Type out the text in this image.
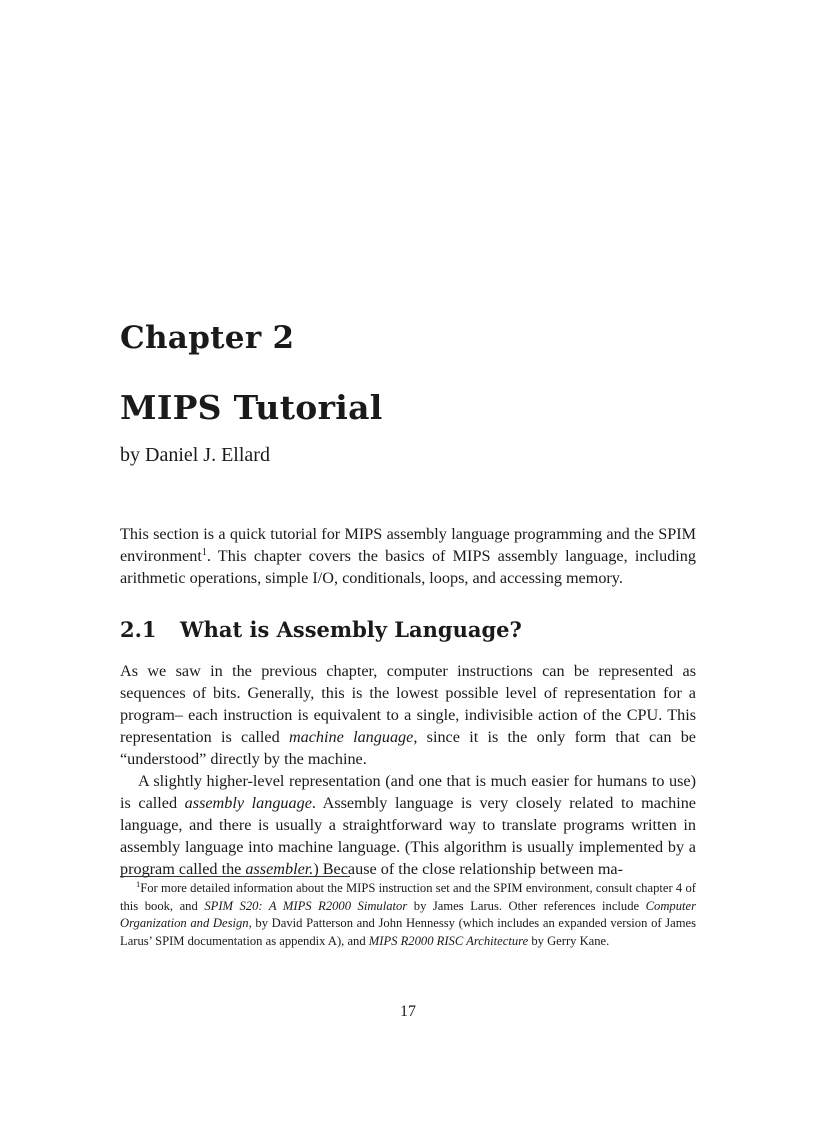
Chapter 2
MIPS Tutorial

by Daniel J. Ellard

This section is a quick tutorial for MIPS assembly language programming and the SPIM environment$^1$. This chapter covers the basics of MIPS assembly language, including arithmetic operations, simple I/O, conditionals, loops, and accessing memory.

2.1 What is Assembly Language?

As we saw in the previous chapter, computer instructions can be represented as sequences of bits. Generally, this is the lowest possible level of representation for a program– each instruction is equivalent to a single, indivisible action of the CPU. This representation is called machine language, since it is the only form that can be “understood” directly by the machine.

A slightly higher-level representation (and one that is much easier for humans to use) is called assembly language. Assembly language is very closely related to machine language, and there is usually a straightforward way to translate programs written in assembly language into machine language. (This algorithm is usually implemented by a program called the assembler.) Because of the close relationship between ma-

$^1$For more detailed information about the MIPS instruction set and the SPIM environment, consult chapter 4 of this book, and SPIM S20: A MIPS R2000 Simulator by James Larus. Other references include Computer Organization and Design, by David Patterson and John Hennessy (which includes an expanded version of James Larus’ SPIM documentation as appendix A), and MIPS R2000 RISC Architecture by Gerry Kane.

17
